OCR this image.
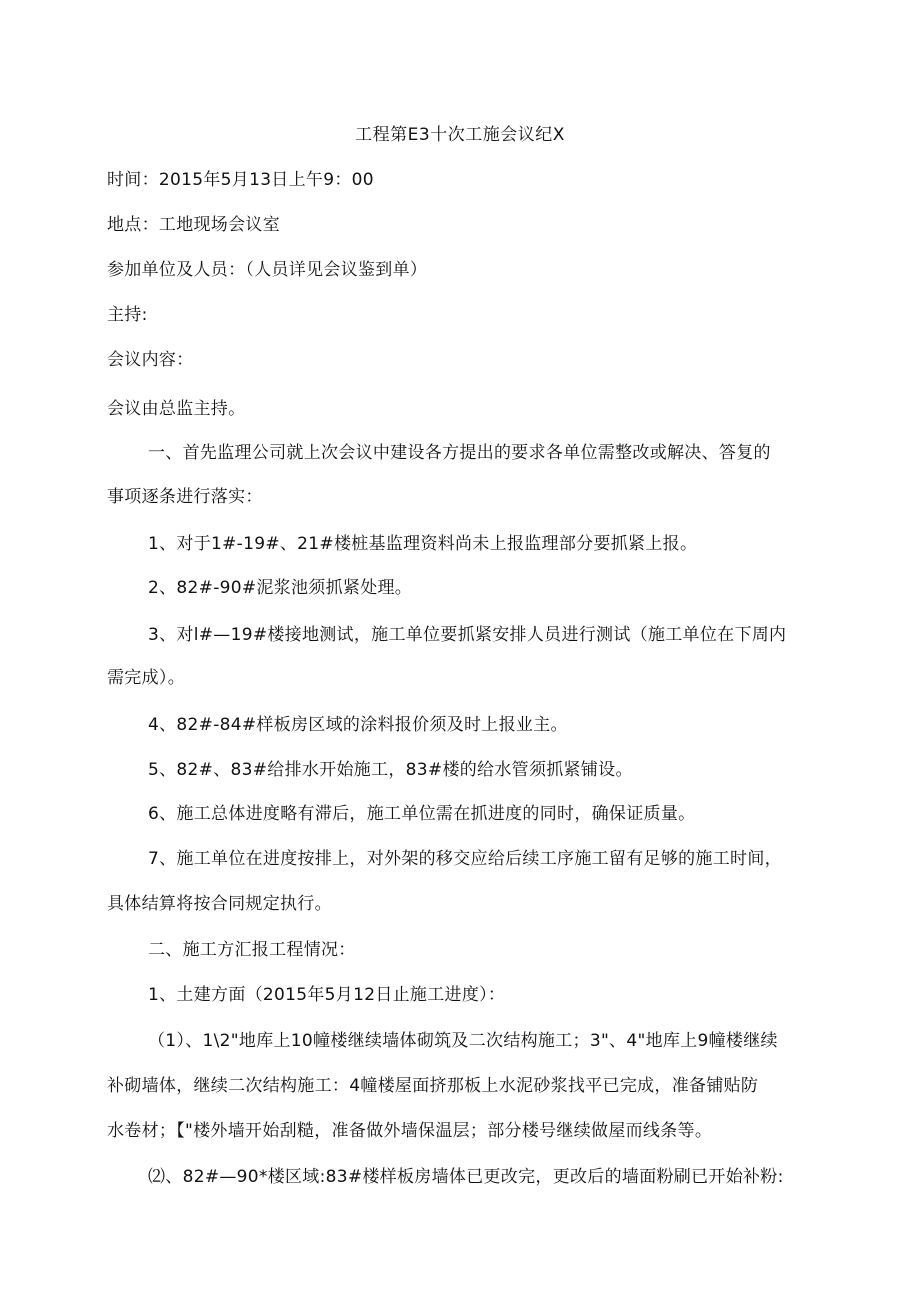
工程第E3十次工施会议纪X
时间：2015年5月13日上午9：00
地点：工地现场会议室
参加单位及人员：（人员详见会议鉴到单）
主持:
会议内容：
会议由总监主持。
一、首先监理公司就上次会议中建设各方提出的要求各单位需整改或解决、答复的
事项逐条进行落实：
1、对于1#-19#、21#楼桩基监理资料尚未上报监理部分要抓紧上报。
2、82#-90#泥浆池须抓紧处理。
3、对l#—19#楼接地测试，施工单位要抓紧安排人员进行测试（施工单位在下周内
需完成）。
4、82#-84#样板房区域的涂料报价须及时上报业主。
5、82#、83#给排水开始施工，83#楼的给水管须抓紧铺设。
6、施工总体进度略有滞后，施工单位需在抓进度的同时，确保证质量。
7、施工单位在进度按排上，对外架的移交应给后续工序施工留有足够的施工时间，
具体结算将按合同规定执行。
二、施工方汇报工程情况：
1、土建方面（2015年5月12日止施工进度）：
（1）、1\2"地库上10幢楼继续墙体砌筑及二次结构施工；3"、4"地库上9幢楼继续
补砌墙体，继续二次结构施工：4幢楼屋面挤那板上水泥砂浆找平已完成，准备铺贴防
水卷材；【"楼外墙开始刮糙，准备做外墙保温层；部分楼号继续做屋而线条等。
⑵、82#—90*楼区域:83#楼样板房墙体已更改完，更改后的墙面粉刷已开始补粉:
